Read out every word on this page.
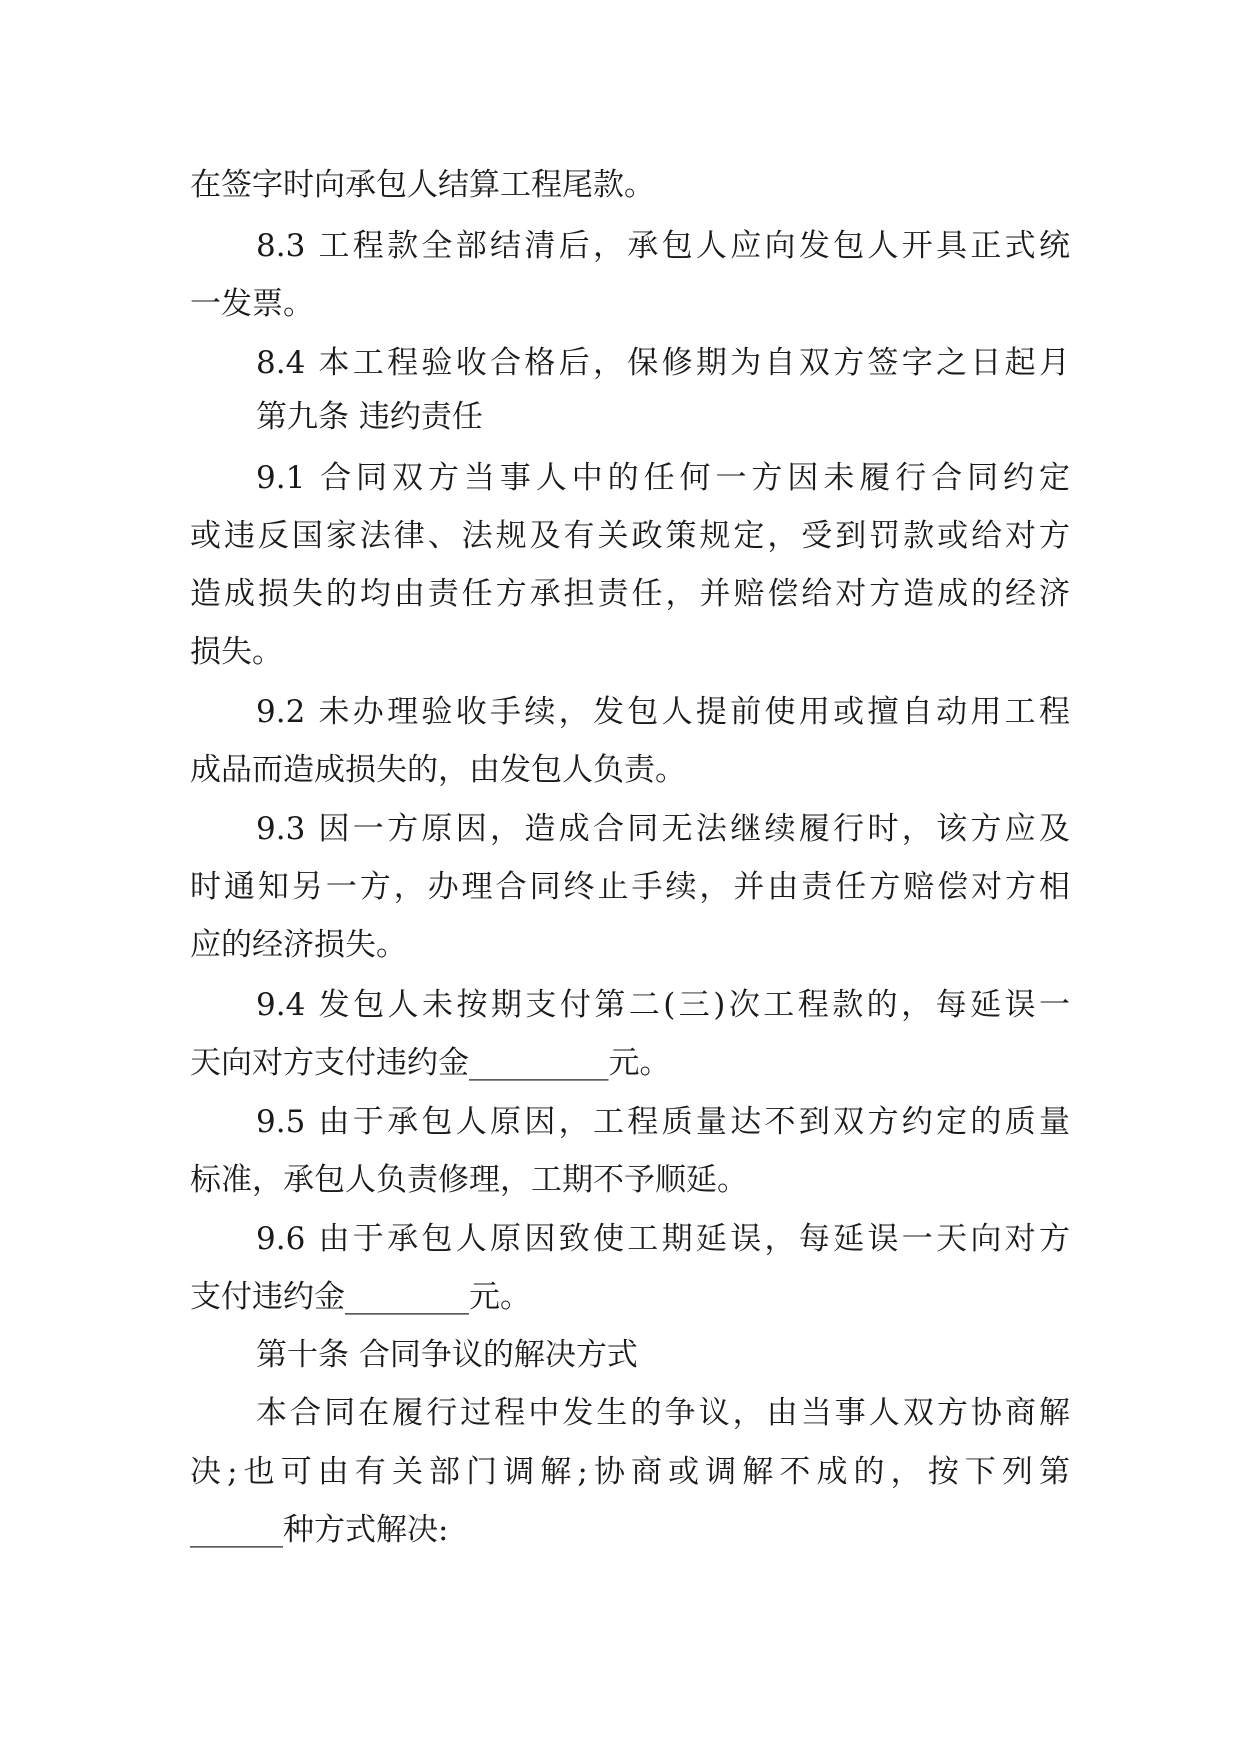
在签字时向承包人结算工程尾款。
8.3 工程款全部结清后，承包人应向发包人开具正式统
一发票。
8.4 本工程验收合格后，保修期为自双方签字之日起月
第九条 违约责任
9.1 合同双方当事人中的任何一方因未履行合同约定
或违反国家法律、法规及有关政策规定，受到罚款或给对方
造成损失的均由责任方承担责任，并赔偿给对方造成的经济
损失。
9.2 未办理验收手续，发包人提前使用或擅自动用工程
成品而造成损失的，由发包人负责。
9.3 因一方原因，造成合同无法继续履行时，该方应及
时通知另一方，办理合同终止手续，并由责任方赔偿对方相
应的经济损失。
9.4 发包人未按期支付第二(三)次工程款的，每延误一
天向对方支付违约金_________元。
9.5 由于承包人原因，工程质量达不到双方约定的质量
标准，承包人负责修理，工期不予顺延。
9.6 由于承包人原因致使工期延误，每延误一天向对方
支付违约金________元。
第十条 合同争议的解决方式
本合同在履行过程中发生的争议，由当事人双方协商解
决;也可由有关部门调解;协商或调解不成的，按下列第
______种方式解决:
